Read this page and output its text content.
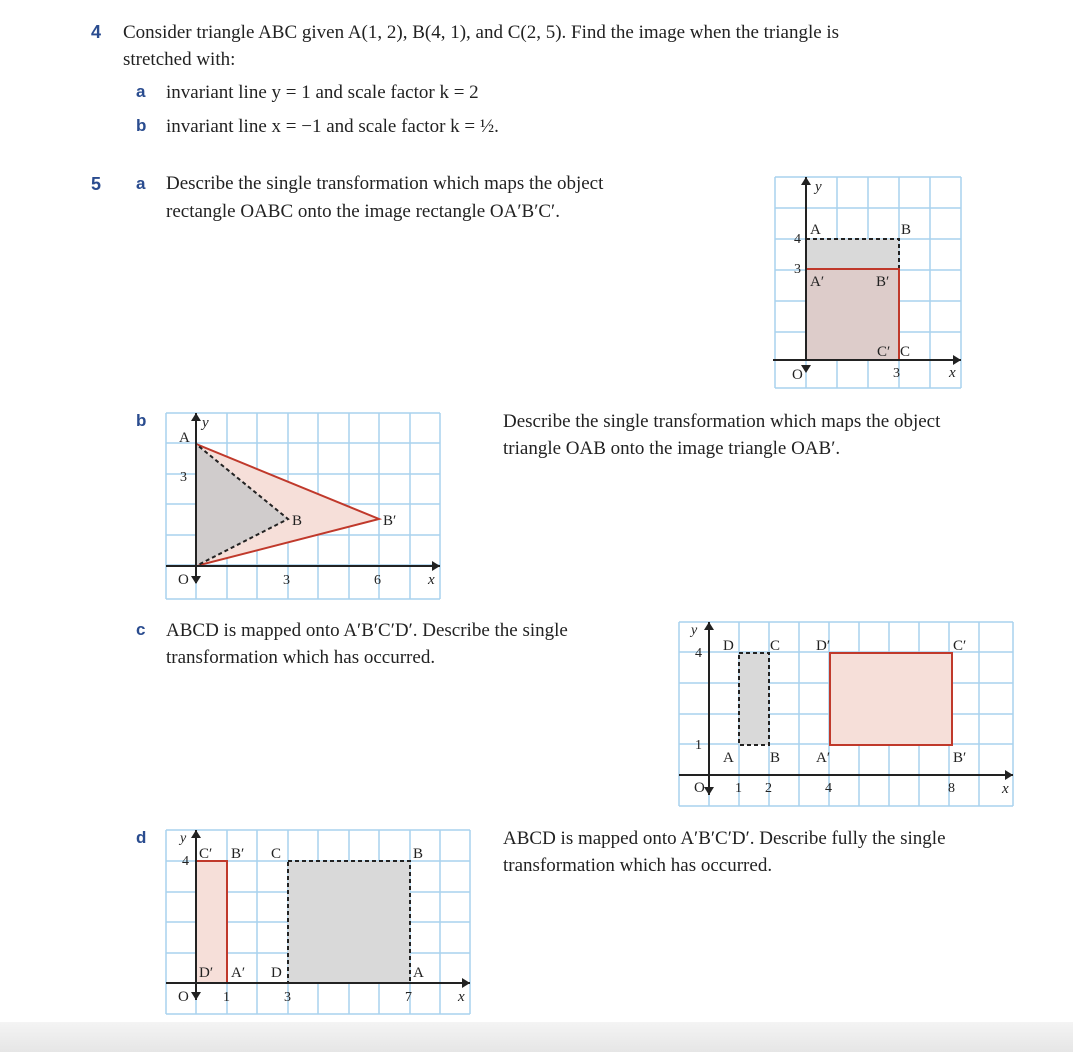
4 Consider triangle ABC given A(1, 2), B(4, 1), and C(2, 5). Find the image when the triangle is
stretched with:
a invariant line y = 1 and scale factor k = 2
b invariant line x = −1 and scale factor k = ½.
5 a Describe the single transformation which maps the object
rectangle OABC onto the image rectangle OA′B′C′.
y
x
O
4
3
3
A	B
A′	B′
C′ C
b	Describe the single transformation which maps the object
triangle OAB onto the image triangle OAB′.
y
x
O
3
3	6
A
B	B′
c ABCD is mapped onto A′B′C′D′. Describe the single
transformation which has occurred.
y
x
O
4
1
1 2	4	8
D C D′	C′
A B A′	B′
d	ABCD is mapped onto A′B′C′D′. Describe fully the single
transformation which has occurred.
y
x
O
4
1	3	7
C′ B′ C	B
D′ A′ D	A
